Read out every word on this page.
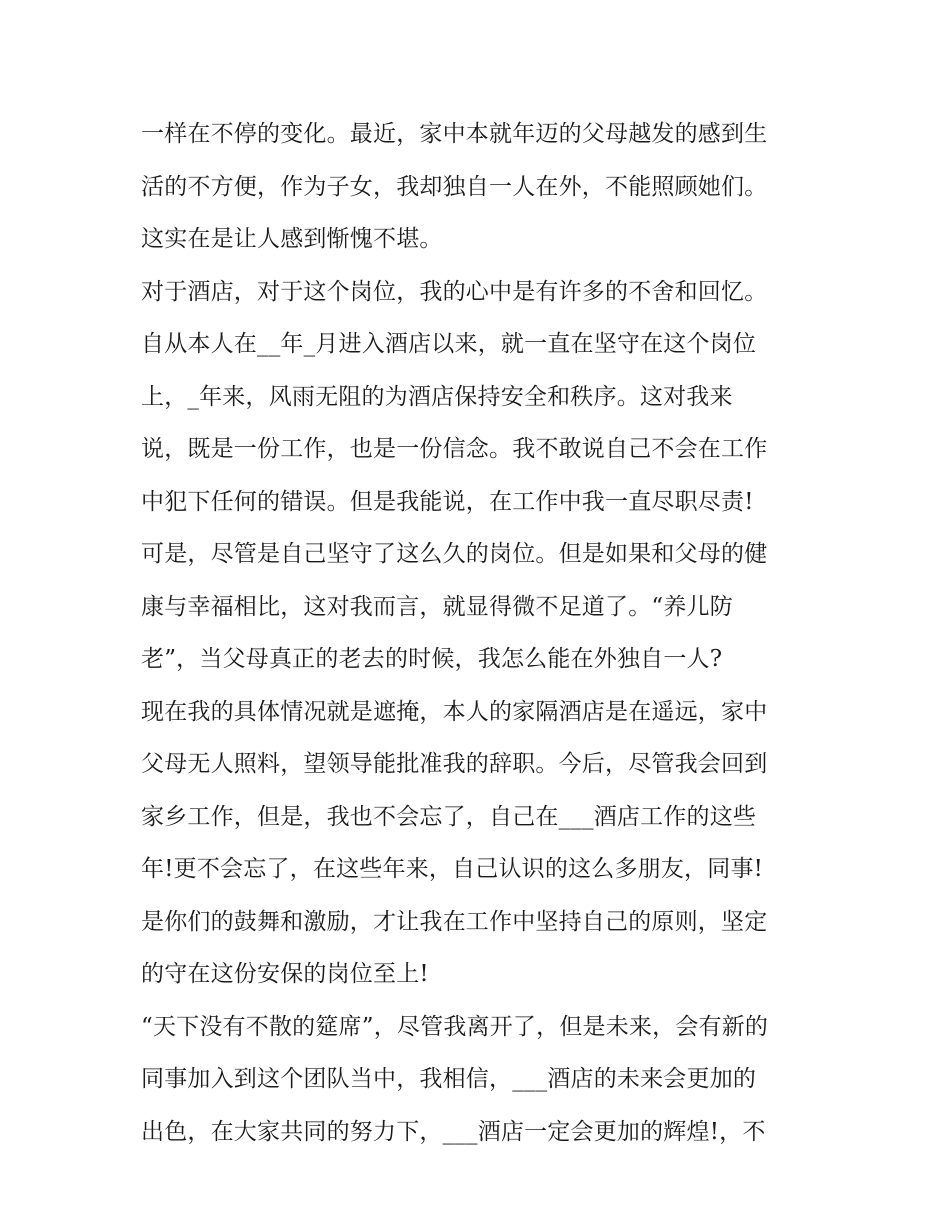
一样在不停的变化。最近，家中本就年迈的父母越发的感到生
活的不方便，作为子女，我却独自一人在外，不能照顾她们。
这实在是让人感到惭愧不堪。
对于酒店，对于这个岗位，我的心中是有许多的不舍和回忆。
自从本人在__年_月进入酒店以来，就一直在坚守在这个岗位
上，_年来，风雨无阻的为酒店保持安全和秩序。这对我来
说，既是一份工作，也是一份信念。我不敢说自己不会在工作
中犯下任何的错误。但是我能说，在工作中我一直尽职尽责!
可是，尽管是自己坚守了这么久的岗位。但是如果和父母的健
康与幸福相比，这对我而言，就显得微不足道了。“养儿防
老”，当父母真正的老去的时候，我怎么能在外独自一人?
现在我的具体情况就是遮掩，本人的家隔酒店是在遥远，家中
父母无人照料，望领导能批准我的辞职。今后，尽管我会回到
家乡工作，但是，我也不会忘了，自己在___酒店工作的这些
年!更不会忘了，在这些年来，自己认识的这么多朋友，同事!
是你们的鼓舞和激励，才让我在工作中坚持自己的原则，坚定
的守在这份安保的岗位至上!
“天下没有不散的筵席”，尽管我离开了，但是未来，会有新的
同事加入到这个团队当中，我相信，___酒店的未来会更加的
出色，在大家共同的努力下，___酒店一定会更加的辉煌!，不
